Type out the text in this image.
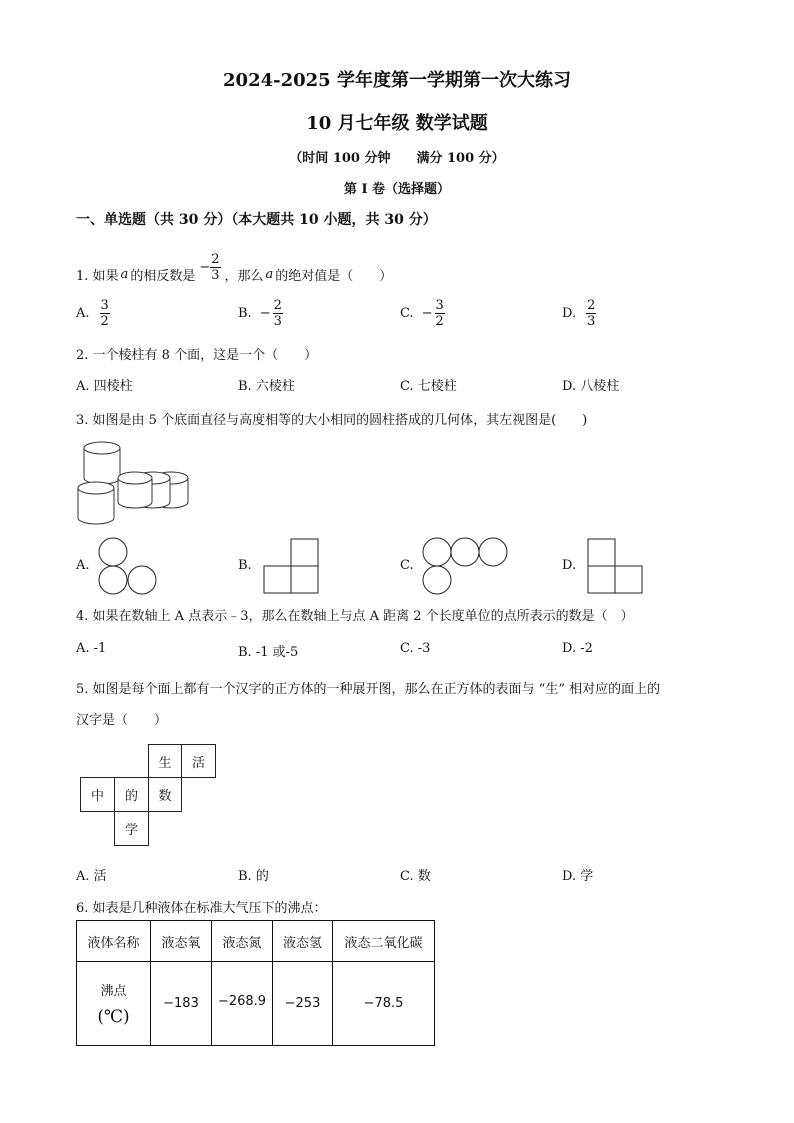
2024-2025 学年度第一学期第一次大练习
10 月七年级 数学试题
（时间 100 分钟　　满分 100 分）
第 I 卷（选择题）
一、单选题（共 30 分）（本大题共 10 小题，共 30 分）
1. 如果 a 的相反数是
− $\frac{2}{3}$ ，那么 a 的绝对值是（　　）
A. $\frac{3}{2}$	B. − $\frac{2}{3}$	C. − $\frac{3}{2}$	D. $\frac{2}{3}$
2. 一个棱柱有 8 个面，这是一个（　　）
A. 四棱柱	B. 六棱柱	C. 七棱柱	D. 八棱柱
3. 如图是由 5 个底面直径与高度相等的大小相同的圆柱搭成的几何体，其左视图是(　　)
A.	B.	C.	D.
4. 如果在数轴上 A 点表示﹣3，那么在数轴上与点 A 距离 2 个长度单位的点所表示的数是（　）
A. -1	B. -1 或-5	C. -3	D. -2
5. 如图是每个面上都有一个汉字的正方体的一种展开图，那么在正方体的表面与 “生” 相对应的面上的
汉字是（　　）
生	活
中	的	数
学
A. 活	B. 的	C. 数	D. 学
6. 如表是几种液体在标准大气压下的沸点：
液体名称	液态氧	液态氮	液态氢	液态二氧化碳

沸点
(℃)	−183	−268.9	−253	−78.5
